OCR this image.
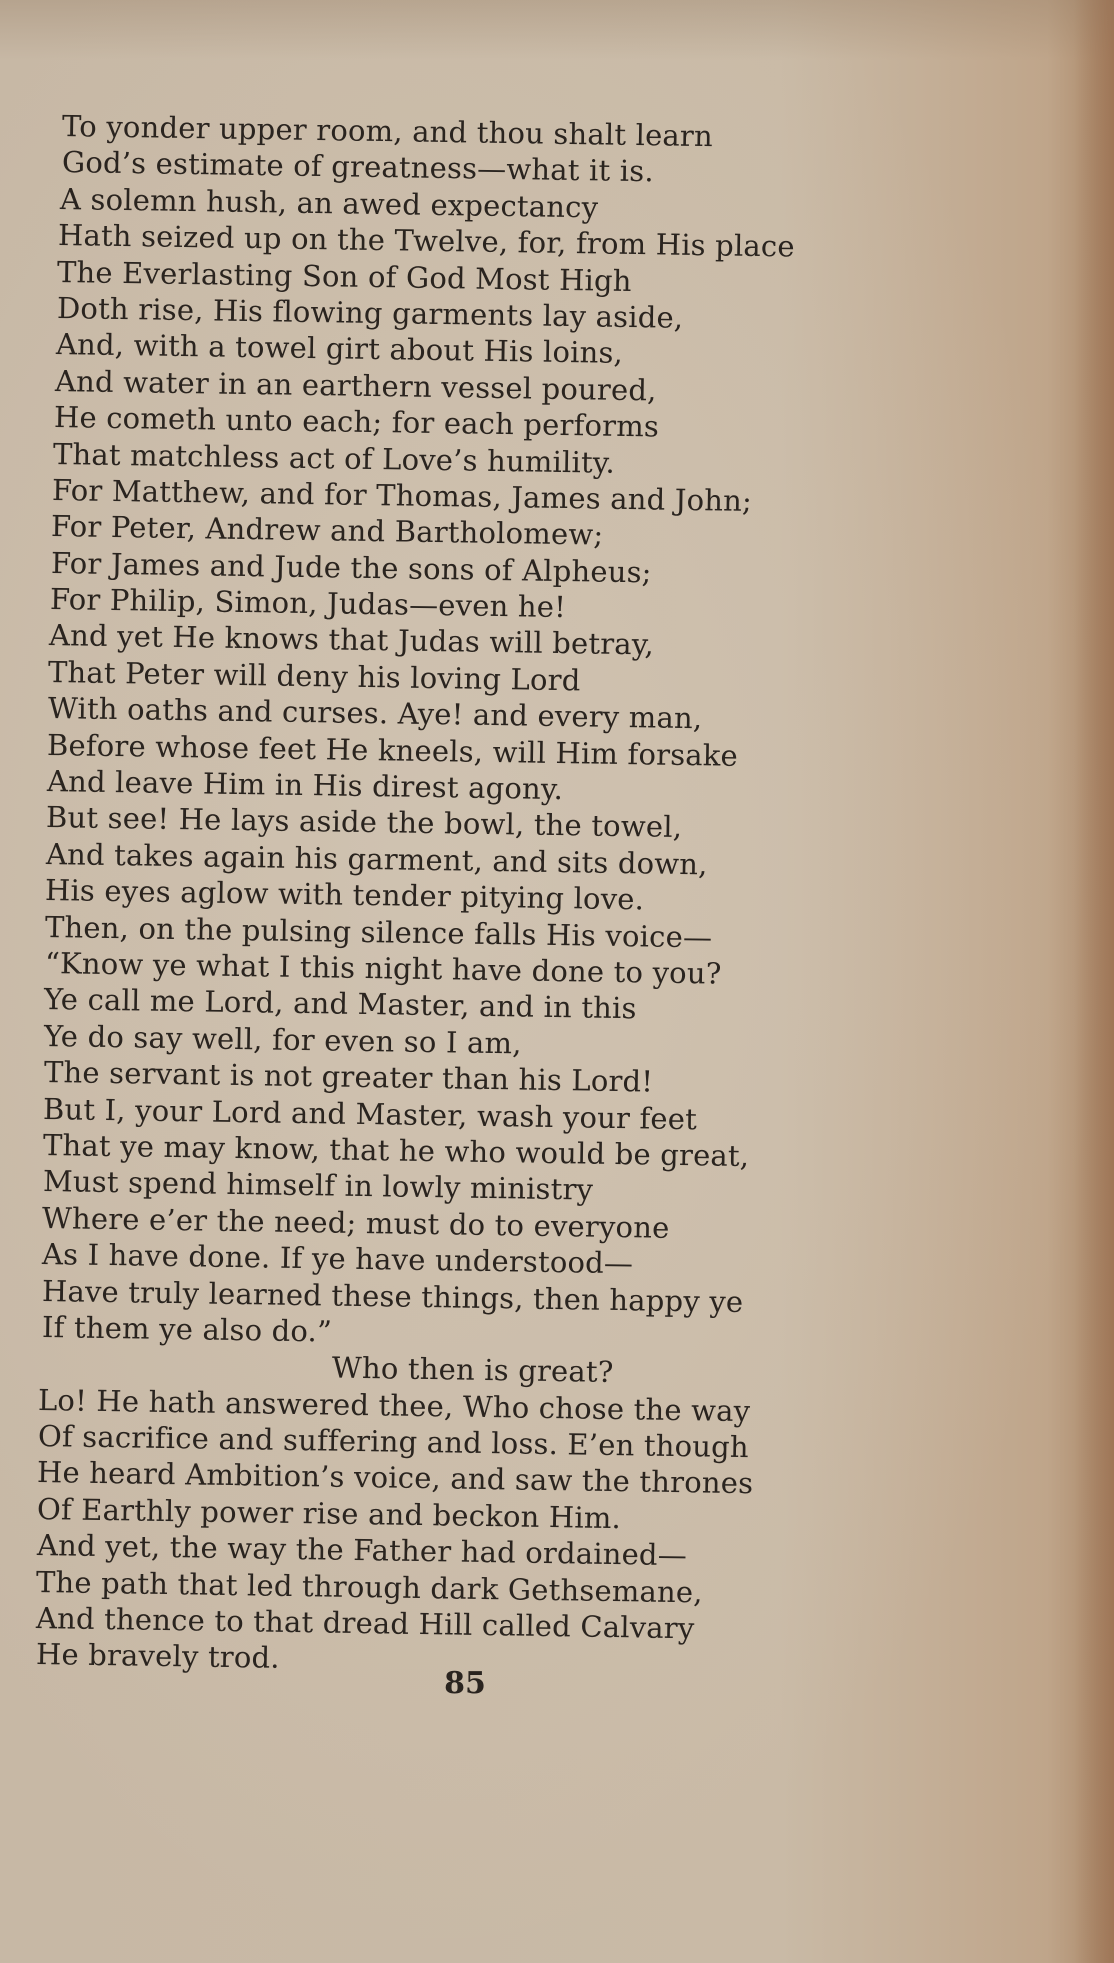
To yonder upper room, and thou shalt learn
God’s estimate of greatness—what it is.
A solemn hush, an awed expectancy
Hath seized up on the Twelve, for, from His place
The Everlasting Son of God Most High
Doth rise, His flowing garments lay aside,
And, with a towel girt about His loins,
And water in an earthern vessel poured,
He cometh unto each; for each performs
That matchless act of Love’s humility.
For Matthew, and for Thomas, James and John;
For Peter, Andrew and Bartholomew;
For James and Jude the sons of Alpheus;
For Philip, Simon, Judas—even he!
And yet He knows that Judas will betray,
That Peter will deny his loving Lord
With oaths and curses. Aye! and every man,
Before whose feet He kneels, will Him forsake
And leave Him in His direst agony.
But see! He lays aside the bowl, the towel,
And takes again his garment, and sits down,
His eyes aglow with tender pitying love.
Then, on the pulsing silence falls His voice—
“Know ye what I this night have done to you?
Ye call me Lord, and Master, and in this
Ye do say well, for even so I am,
The servant is not greater than his Lord!
But I, your Lord and Master, wash your feet
That ye may know, that he who would be great,
Must spend himself in lowly ministry
Where e’er the need; must do to everyone
As I have done. If ye have understood—
Have truly learned these things, then happy ye
If them ye also do.”
Who then is great?
Lo! He hath answered thee, Who chose the way
Of sacrifice and suffering and loss. E’en though
He heard Ambition’s voice, and saw the thrones
Of Earthly power rise and beckon Him.
And yet, the way the Father had ordained—
The path that led through dark Gethsemane,
And thence to that dread Hill called Calvary
He bravely trod.
85
